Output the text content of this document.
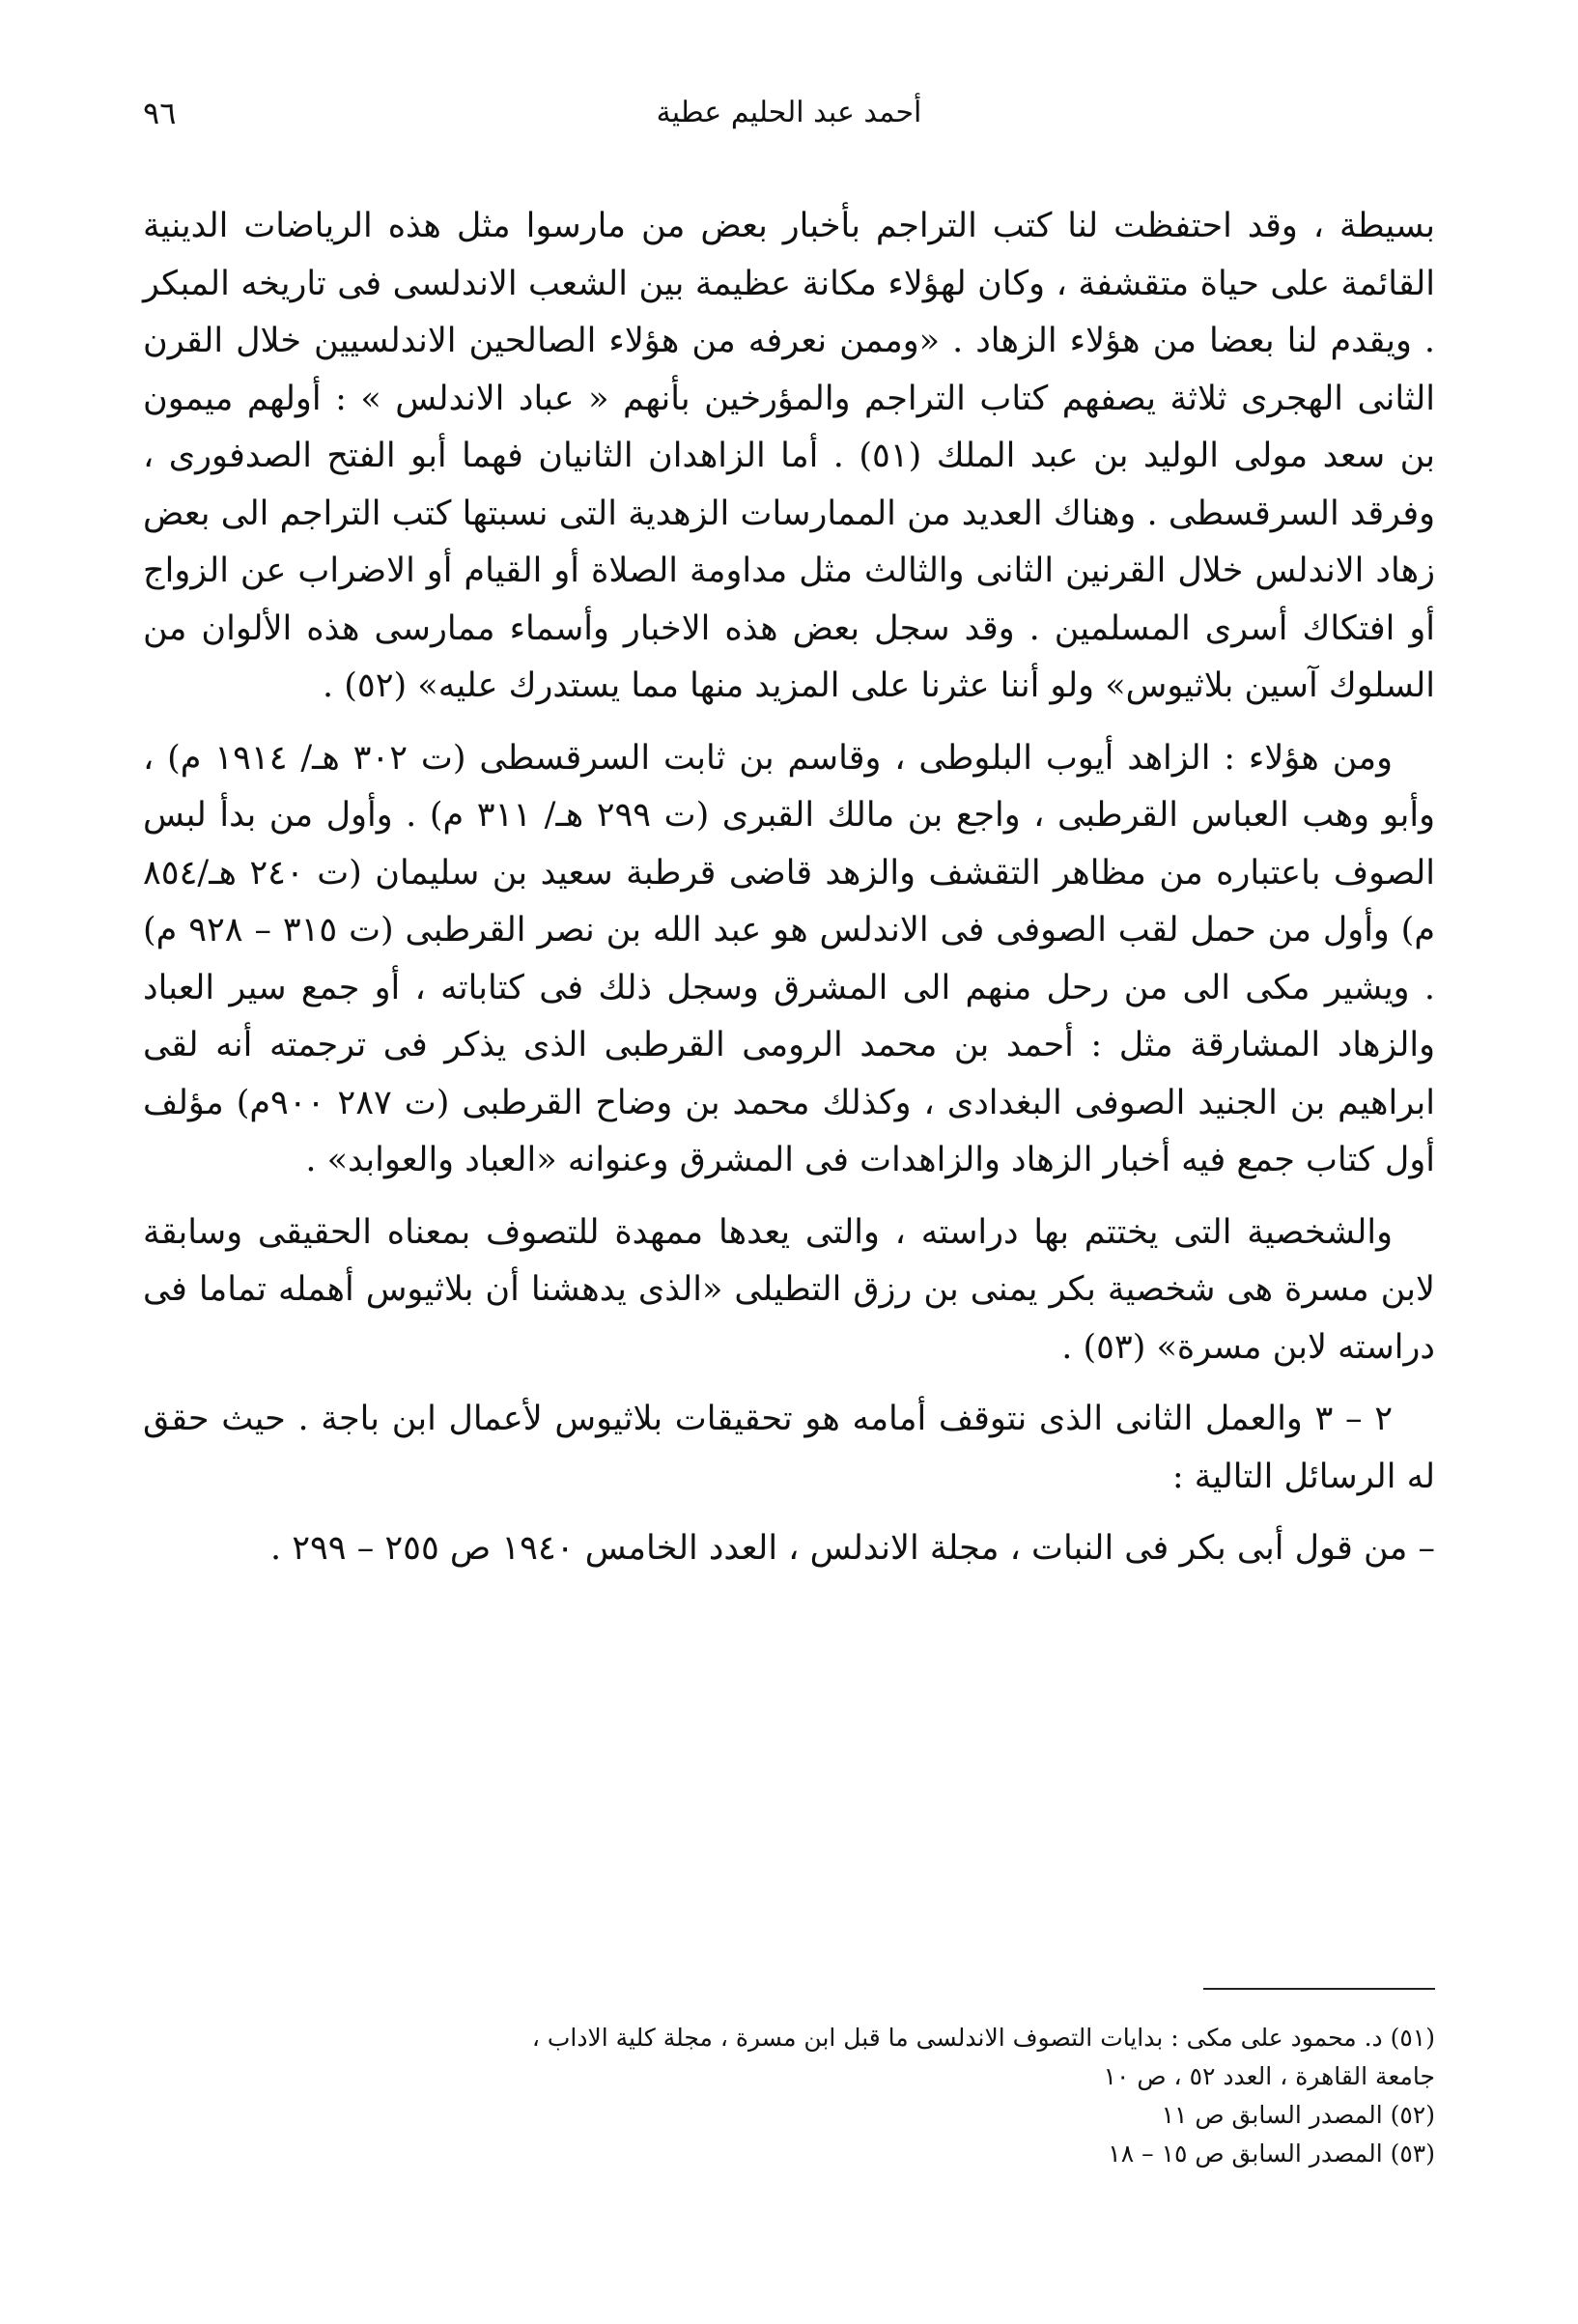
أحمد عبد الحليم عطية
٩٦

بسيطة ، وقد احتفظت لنا كتب التراجم بأخبار بعض من مارسوا مثل هذه الرياضات الدينية القائمة على حياة متقشفة ، وكان لهؤلاء مكانة عظيمة بين الشعب الاندلسى فى تاريخه المبكر . ويقدم لنا بعضا من هؤلاء الزهاد . «وممن نعرفه من هؤلاء الصالحين الاندلسيين خلال القرن الثانى الهجرى ثلاثة يصفهم كتاب التراجم والمؤرخين بأنهم « عباد الاندلس » : أولهم ميمون بن سعد مولى الوليد بن عبد الملك (٥١) . أما الزاهدان الثانيان فهما أبو الفتح الصدفورى ، وفرقد السرقسطى . وهناك العديد من الممارسات الزهدية التى نسبتها كتب التراجم الى بعض زهاد الاندلس خلال القرنين الثانى والثالث مثل مداومة الصلاة أو القيام أو الاضراب عن الزواج أو افتكاك أسرى المسلمين . وقد سجل بعض هذه الاخبار وأسماء ممارسى هذه الألوان من السلوك آسين بلاثيوس» ولو أننا عثرنا على المزيد منها مما يستدرك عليه» (٥٢) .

ومن هؤلاء : الزاهد أيوب البلوطى ، وقاسم بن ثابت السرقسطى (ت ٣٠٢ هـ/ ١٩١٤ م) ، وأبو وهب العباس القرطبى ، واجع بن مالك القبرى (ت ٢٩٩ هـ/ ٣١١ م) . وأول من بدأ لبس الصوف باعتباره من مظاهر التقشف والزهد قاضى قرطبة سعيد بن سليمان (ت ٢٤٠ هـ/٨٥٤ م) وأول من حمل لقب الصوفى فى الاندلس هو عبد الله بن نصر القرطبى (ت ٣١٥ – ٩٢٨ م) . ويشير مكى الى من رحل منهم الى المشرق وسجل ذلك فى كتاباته ، أو جمع سير العباد والزهاد المشارقة مثل : أحمد بن محمد الرومى القرطبى الذى يذكر فى ترجمته أنه لقى ابراهيم بن الجنيد الصوفى البغدادى ، وكذلك محمد بن وضاح القرطبى (ت ٢٨٧ ٩٠٠م) مؤلف أول كتاب جمع فيه أخبار الزهاد والزاهدات فى المشرق وعنوانه «العباد والعوابد» .

والشخصية التى يختتم بها دراسته ، والتى يعدها ممهدة للتصوف بمعناه الحقيقى وسابقة لابن مسرة هى شخصية بكر يمنى بن رزق التطيلى «الذى يدهشنا أن بلاثيوس أهمله تماما فى دراسته لابن مسرة» (٥٣) .

٢ – ٣ والعمل الثانى الذى نتوقف أمامه هو تحقيقات بلاثيوس لأعمال ابن باجة . حيث حقق له الرسائل التالية :

– من قول أبى بكر فى النبات ، مجلة الاندلس ، العدد الخامس ١٩٤٠ ص ٢٥٥ – ٢٩٩ .

(٥١) د. محمود على مكى : بدايات التصوف الاندلسى ما قبل ابن مسرة ، مجلة كلية الاداب ،

جامعة القاهرة ، العدد ٥٢ ، ص ١٠

(٥٢) المصدر السابق ص ١١

(٥٣) المصدر السابق ص ١٥ – ١٨
